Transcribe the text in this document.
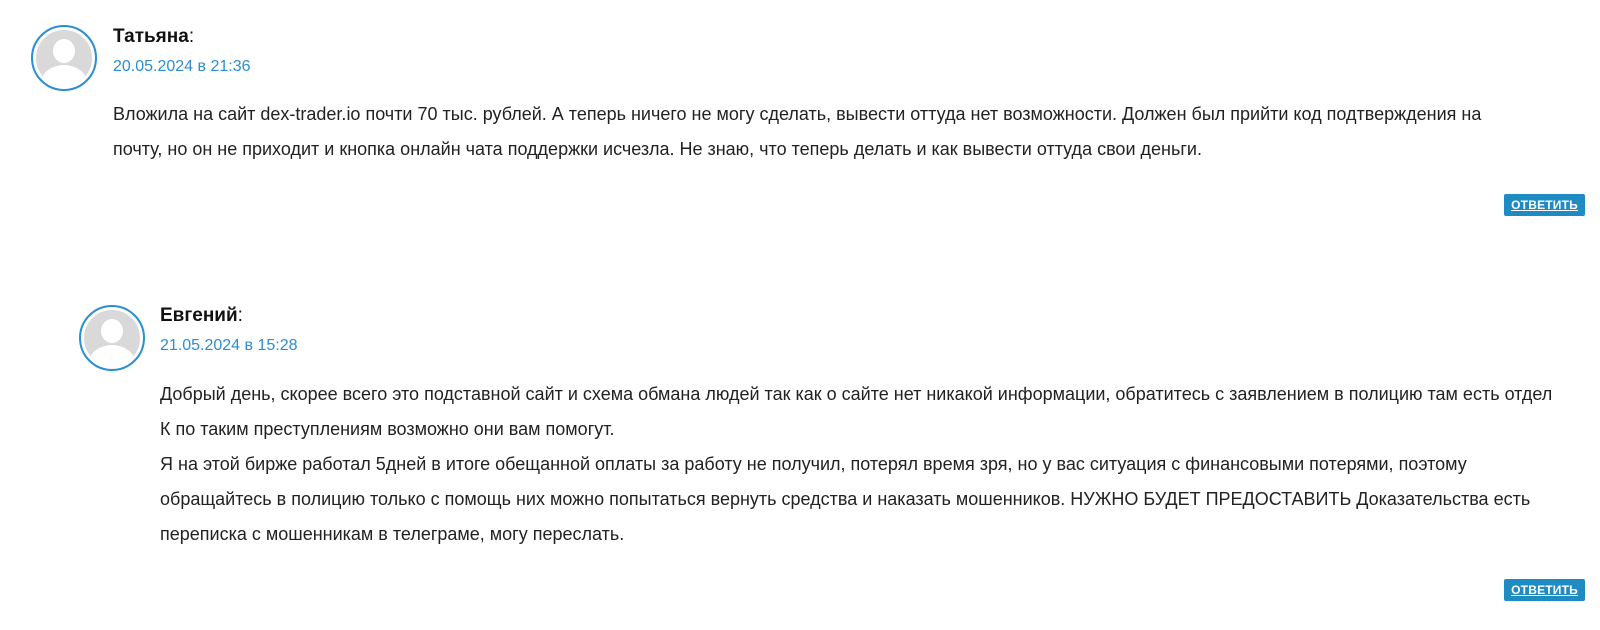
Татьяна:
20.05.2024 в 21:36

Вложила на сайт dex-trader.io почти 70 тыс. рублей. А теперь ничего не могу сделать, вывести оттуда нет возможности. Должен был прийти код подтверждения на почту, но он не приходит и кнопка онлайн чата поддержки исчезла. Не знаю, что теперь делать и как вывести оттуда свои деньги.

ОТВЕТИТЬ
Евгений:
21.05.2024 в 15:28

Добрый день, скорее всего это подставной сайт и схема обмана людей так как о сайте нет никакой информации, обратитесь с заявлением в полицию там есть отдел К по таким преступлениям возможно они вам помогут.

Я на этой бирже работал 5дней в итоге обещанной оплаты за работу не получил, потерял время зря, но у вас ситуация с финансовыми потерями, поэтому обращайтесь в полицию только с помощь них можно попытаться вернуть средства и наказать мошенников. НУЖНО БУДЕТ ПРЕДОСТАВИТЬ Доказательства есть переписка с мошенникам в телеграме, могу переслать.

ОТВЕТИТЬ
